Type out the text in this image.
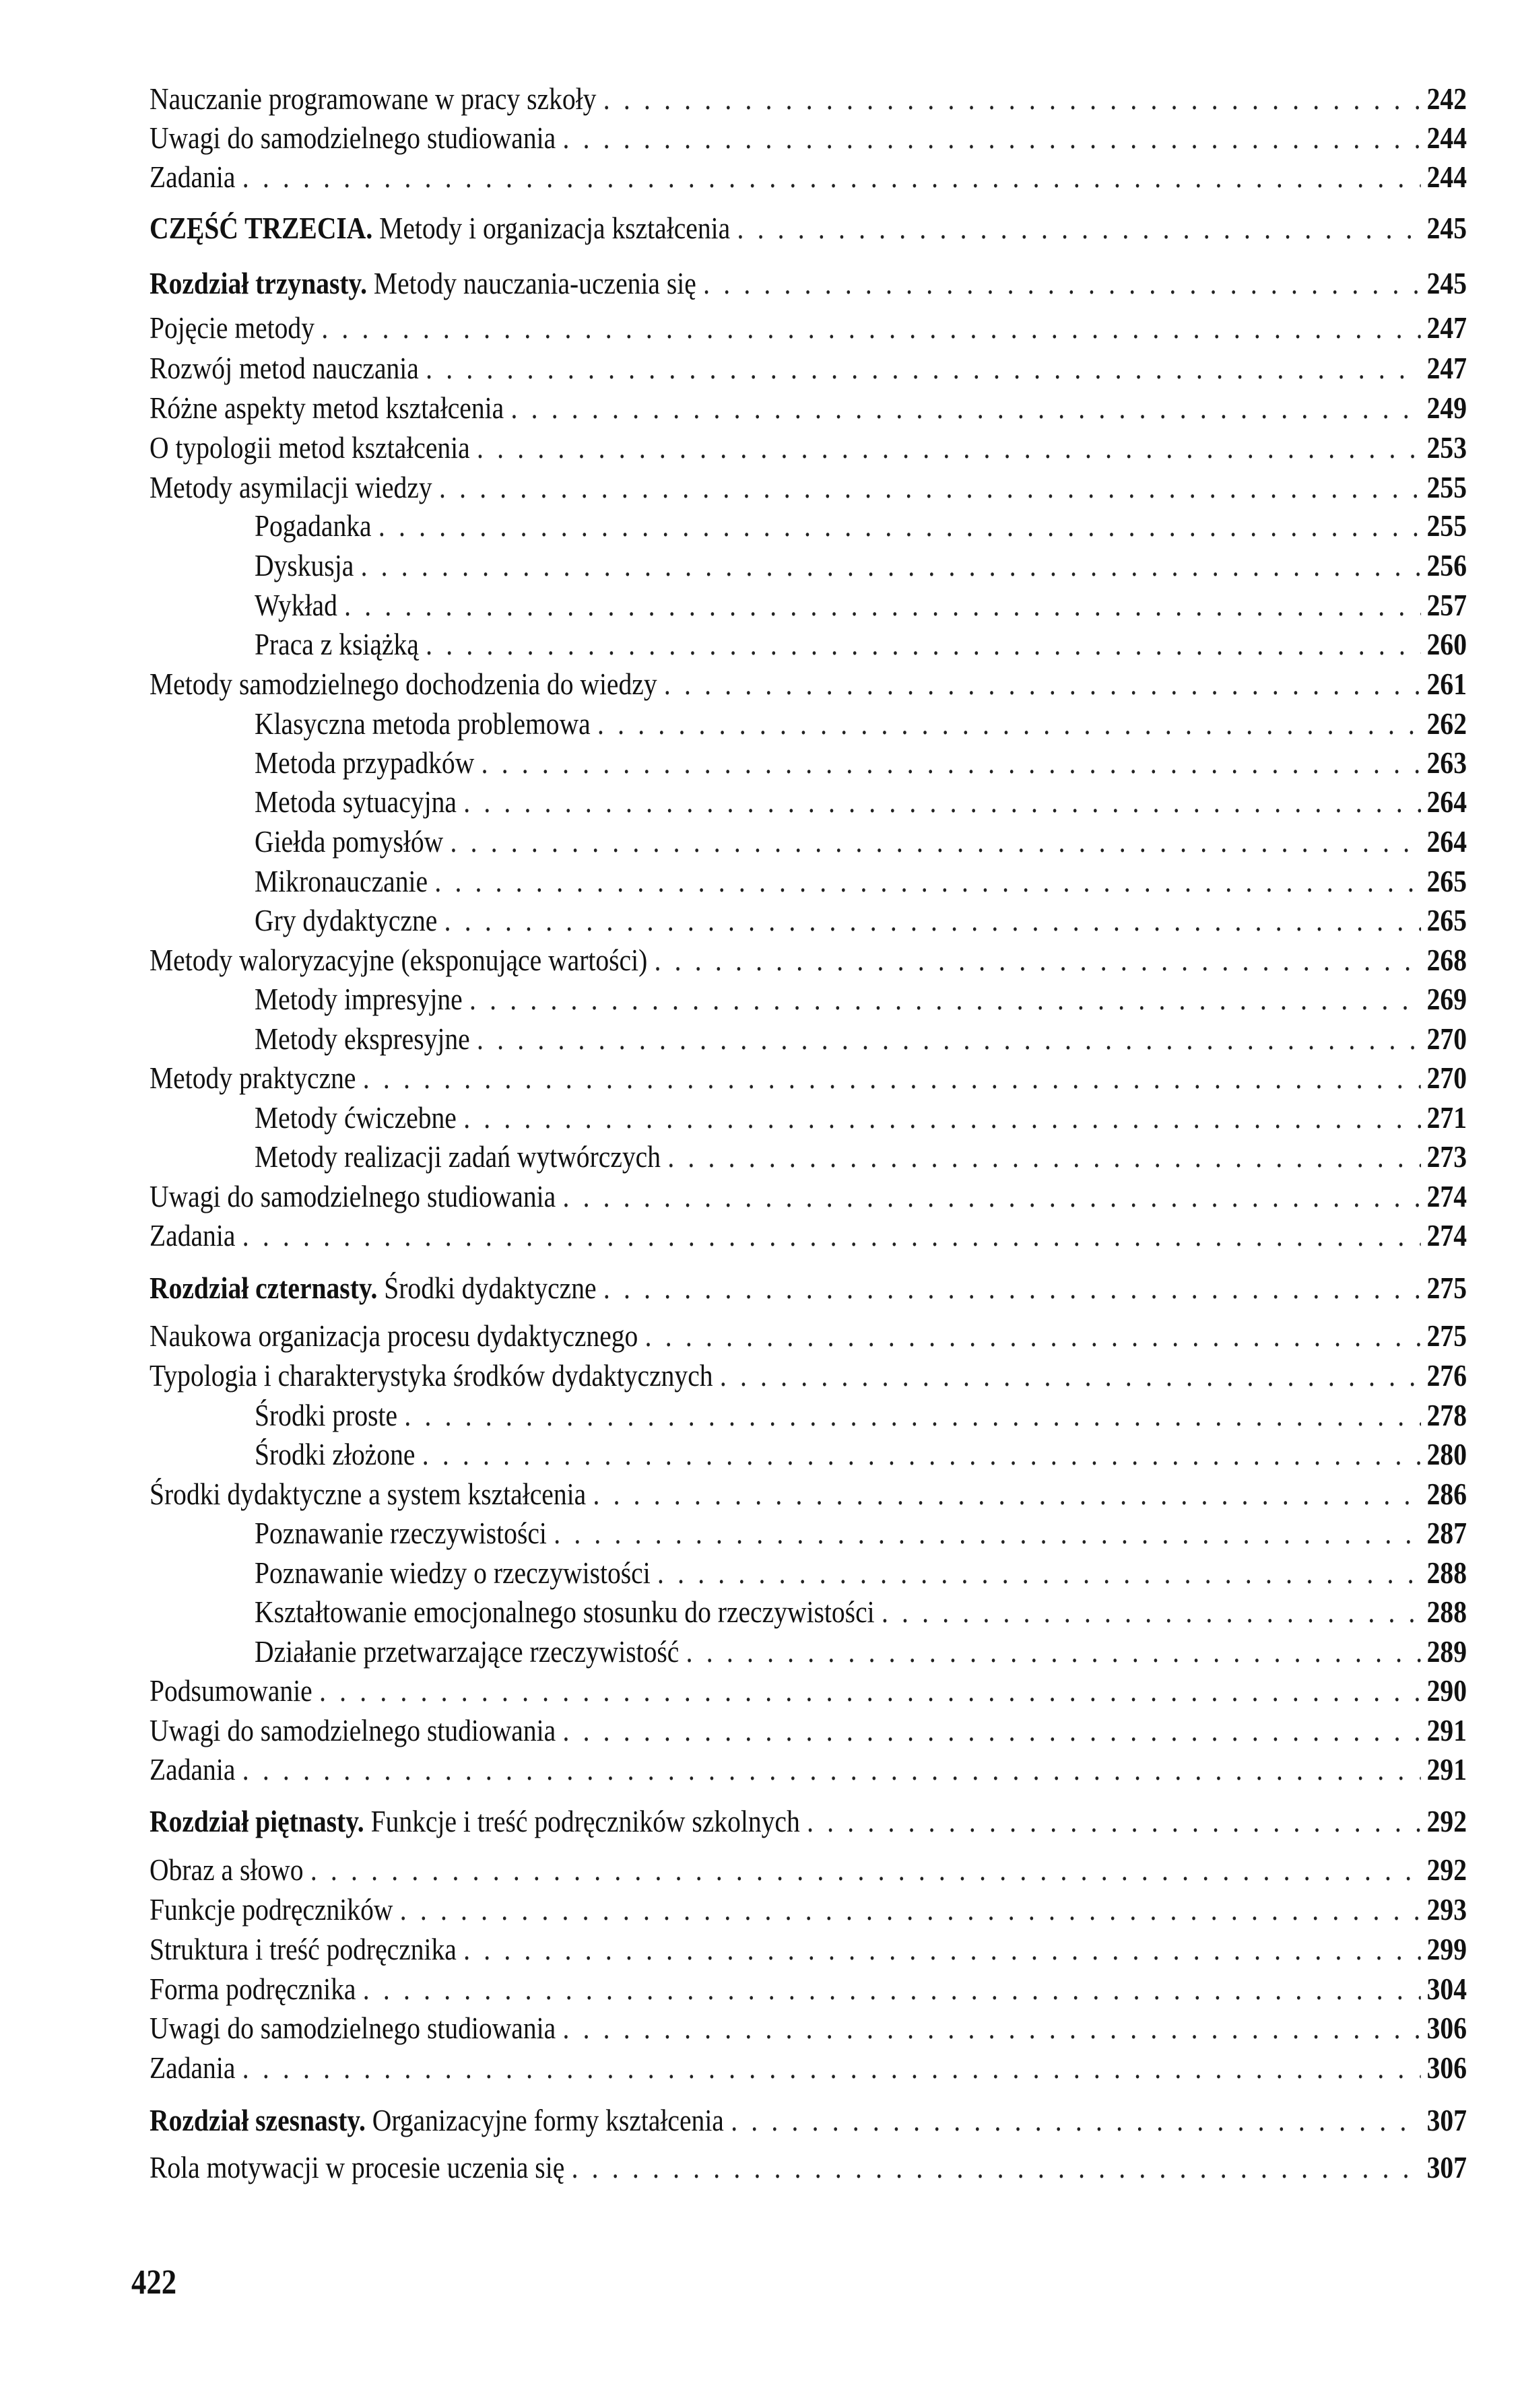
Nauczanie programowane w pracy szkoły . . .	242
Uwagi do samodzielnego studiowania . . .	244
Zadania . . .	244
CZĘŚĆ TRZECIA. Metody i organizacja kształcenia . . .	245
Rozdział trzynasty. Metody nauczania-uczenia się . . .	245
Pojęcie metody . . .	247
Rozwój metod nauczania . . .	247
Różne aspekty metod kształcenia . . .	249
O typologii metod kształcenia . . .	253
Metody asymilacji wiedzy . . .	255
Pogadanka . . .	255
Dyskusja . . .	256
Wykład . . .	257
Praca z książką . . .	260
Metody samodzielnego dochodzenia do wiedzy . . .	261
Klasyczna metoda problemowa . . .	262
Metoda przypadków . . .	263
Metoda sytuacyjna . . .	264
Giełda pomysłów . . .	264
Mikronauczanie . . .	265
Gry dydaktyczne . . .	265
Metody waloryzacyjne (eksponujące wartości) . . .	268
Metody impresyjne . . .	269
Metody ekspresyjne . . .	270
Metody praktyczne . . .	270
Metody ćwiczebne . . .	271
Metody realizacji zadań wytwórczych . . .	273
Uwagi do samodzielnego studiowania . . .	274
Zadania . . .	274
Rozdział czternasty. Środki dydaktyczne . . .	275
Naukowa organizacja procesu dydaktycznego . . .	275
Typologia i charakterystyka środków dydaktycznych . . .	276
Środki proste . . .	278
Środki złożone . . .	280
Środki dydaktyczne a system kształcenia . . .	286
Poznawanie rzeczywistości . . .	287
Poznawanie wiedzy o rzeczywistości . . .	288
Kształtowanie emocjonalnego stosunku do rzeczywistości . . .	288
Działanie przetwarzające rzeczywistość . . .	289
Podsumowanie . . .	290
Uwagi do samodzielnego studiowania . . .	291
Zadania . . .	291
Rozdział piętnasty. Funkcje i treść podręczników szkolnych . . .	292
Obraz a słowo . . .	292
Funkcje podręczników . . .	293
Struktura i treść podręcznika . . .	299
Forma podręcznika . . .	304
Uwagi do samodzielnego studiowania . . .	306
Zadania . . .	306
Rozdział szesnasty. Organizacyjne formy kształcenia . . .	307
Rola motywacji w procesie uczenia się . . .	307
422
